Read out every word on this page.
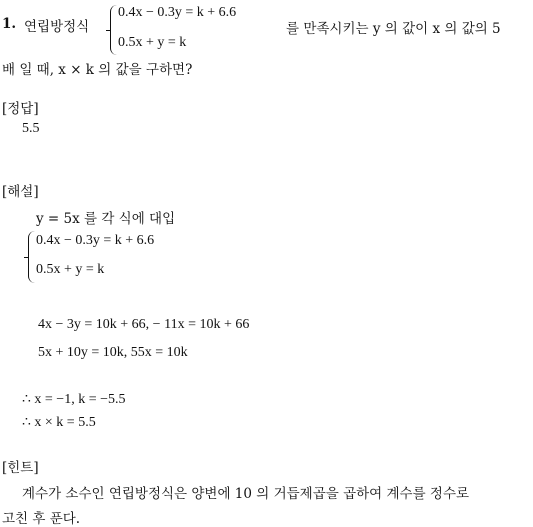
1. 연립방정식
0.4x − 0.3y = k + 6.6
0.5x + y = k
를 만족시키는 y 의 값이 x 의 값의 5
배 일 때, x × k 의 값을 구하면?
[정답]
5.5
[해설]
y = 5x 를 각 식에 대입
0.4x − 0.3y = k + 6.6
0.5x + y = k
4x − 3y = 10k + 66, − 11x = 10k + 66
5x + 10y = 10k, 55x = 10k
∴ x = −1, k = −5.5
∴ x × k = 5.5
[힌트]
계수가 소수인 연립방정식은 양변에 10 의 거듭제곱을 곱하여 계수를 정수로
고친 후 푼다.
